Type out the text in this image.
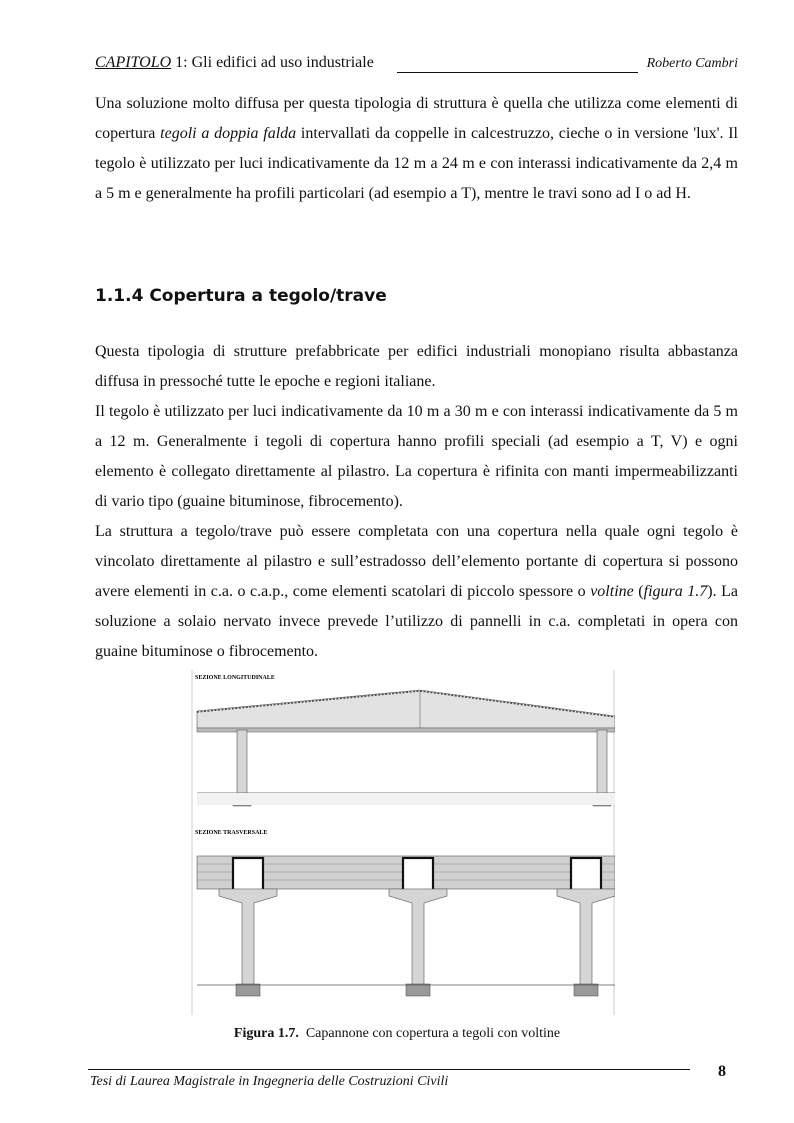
CAPITOLO 1: Gli edifici ad uso industriale	Roberto Cambri

Una soluzione molto diffusa per questa tipologia di struttura è quella che utilizza come elementi di copertura tegoli a doppia falda intervallati da coppelle in calcestruzzo, cieche o in versione 'lux'. Il tegolo è utilizzato per luci indicativamente da 12 m a 24 m e con interassi indicativamente da 2,4 m a 5 m e generalmente ha profili particolari (ad esempio a T), mentre le travi sono ad I o ad H.

1.1.4 Copertura a tegolo/trave

Questa tipologia di strutture prefabbricate per edifici industriali monopiano risulta abbastanza diffusa in pressoché tutte le epoche e regioni italiane.

Il tegolo è utilizzato per luci indicativamente da 10 m a 30 m e con interassi indicativamente da 5 m a 12 m. Generalmente i tegoli di copertura hanno profili speciali (ad esempio a T, V) e ogni elemento è collegato direttamente al pilastro. La copertura è rifinita con manti impermeabilizzanti di vario tipo (guaine bituminose, fibrocemento).

La struttura a tegolo/trave può essere completata con una copertura nella quale ogni tegolo è vincolato direttamente al pilastro e sull’estradosso dell’elemento portante di copertura si possono avere elementi in c.a. o c.a.p., come elementi scatolari di piccolo spessore o voltine (figura 1.7). La soluzione a solaio nervato invece prevede l’utilizzo di pannelli in c.a. completati in opera con guaine bituminose o fibrocemento.

SEZIONE LONGITUDINALE
SEZIONE TRASVERSALE
Figura 1.7. Capannone con copertura a tegoli con voltine
Tesi di Laurea Magistrale in Ingegneria delle Costruzioni Civili
8
